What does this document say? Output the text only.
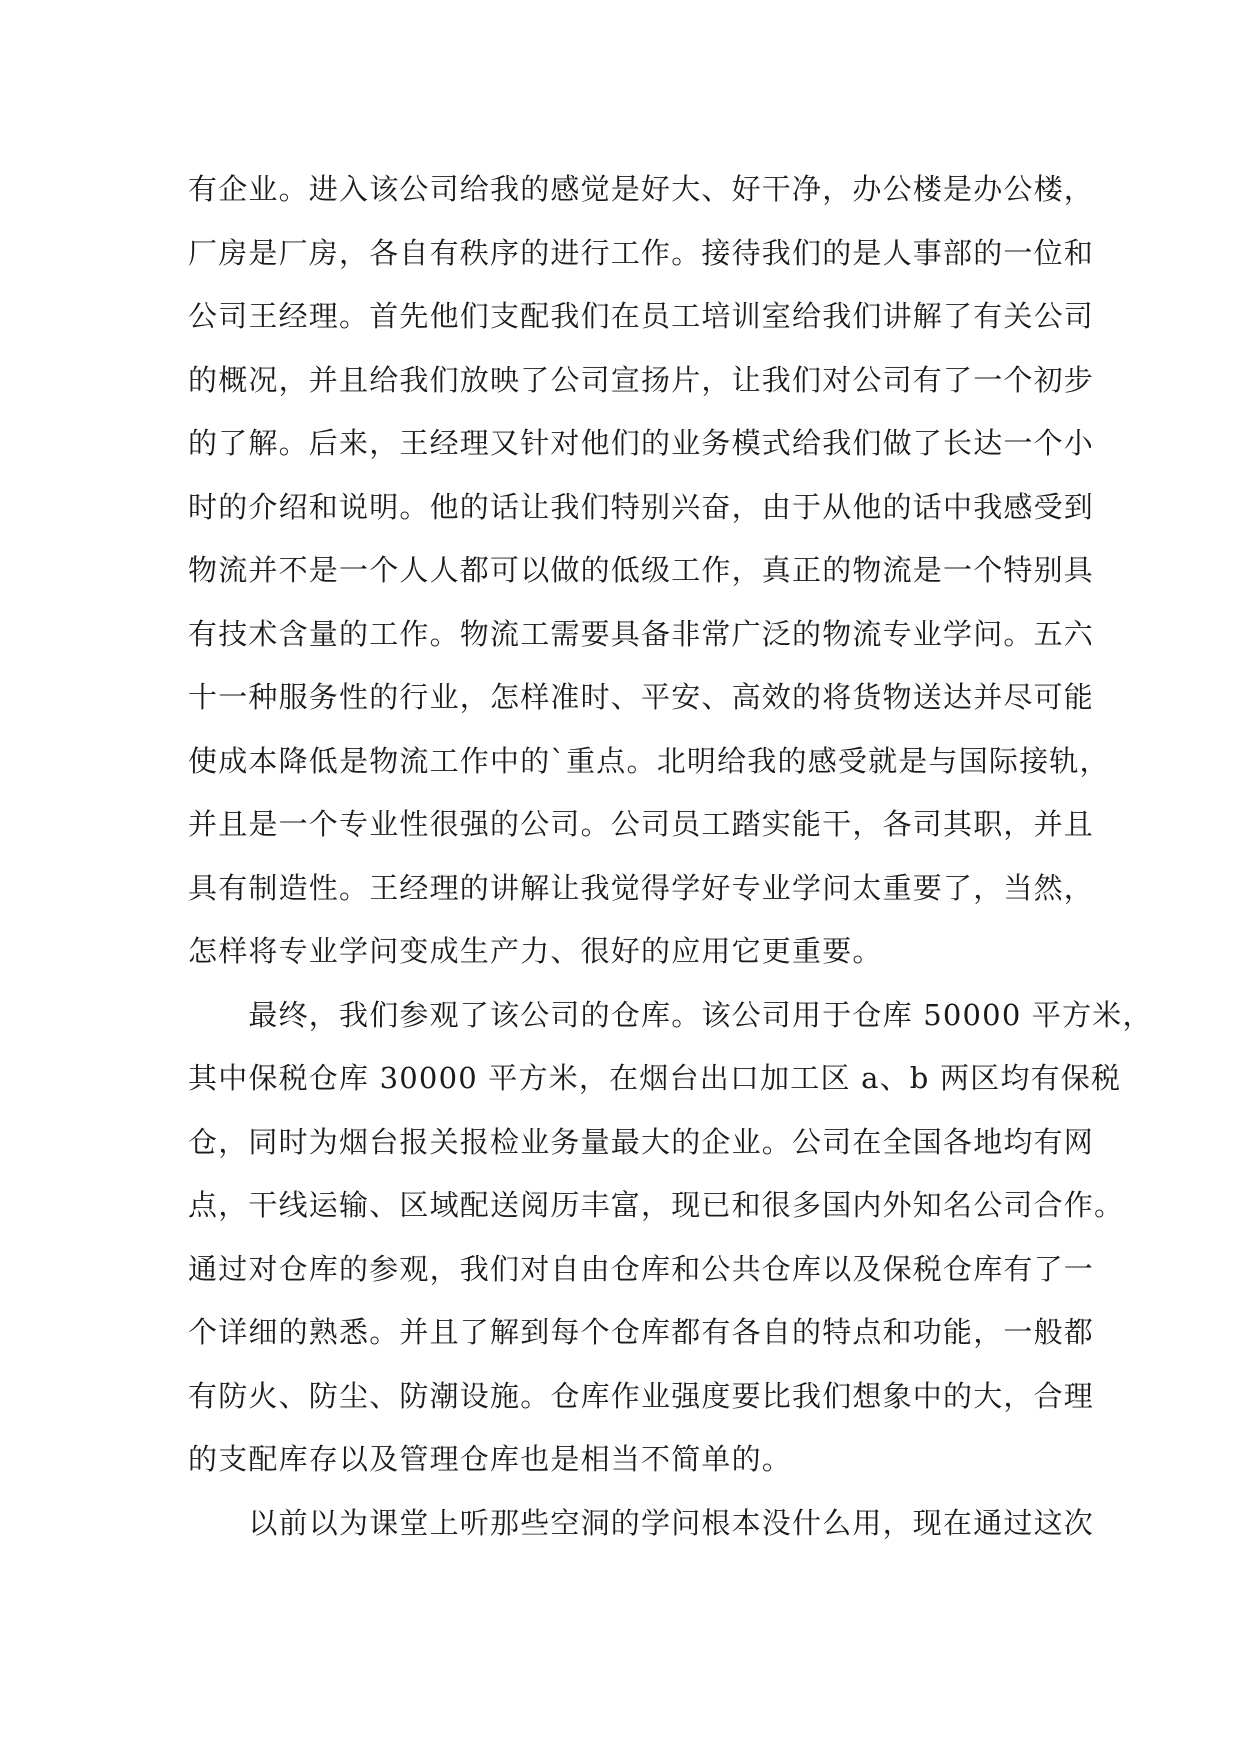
有企业。进入该公司给我的感觉是好大、好干净，办公楼是办公楼，
厂房是厂房，各自有秩序的进行工作。接待我们的是人事部的一位和
公司王经理。首先他们支配我们在员工培训室给我们讲解了有关公司
的概况，并且给我们放映了公司宣扬片，让我们对公司有了一个初步
的了解。后来，王经理又针对他们的业务模式给我们做了长达一个小
时的介绍和说明。他的话让我们特别兴奋，由于从他的话中我感受到
物流并不是一个人人都可以做的低级工作，真正的物流是一个特别具
有技术含量的工作。物流工需要具备非常广泛的物流专业学问。五六
十一种服务性的行业，怎样准时、平安、高效的将货物送达并尽可能
使成本降低是物流工作中的`重点。北明给我的感受就是与国际接轨，
并且是一个专业性很强的公司。公司员工踏实能干，各司其职，并且
具有制造性。王经理的讲解让我觉得学好专业学问太重要了，当然，
怎样将专业学问变成生产力、很好的应用它更重要。
　　最终，我们参观了该公司的仓库。该公司用于仓库 50000 平方米，
其中保税仓库 30000 平方米，在烟台出口加工区 a、b 两区均有保税
仓，同时为烟台报关报检业务量最大的企业。公司在全国各地均有网
点，干线运输、区域配送阅历丰富，现已和很多国内外知名公司合作。
通过对仓库的参观，我们对自由仓库和公共仓库以及保税仓库有了一
个详细的熟悉。并且了解到每个仓库都有各自的特点和功能，一般都
有防火、防尘、防潮设施。仓库作业强度要比我们想象中的大，合理
的支配库存以及管理仓库也是相当不简单的。
　　以前以为课堂上听那些空洞的学问根本没什么用，现在通过这次
